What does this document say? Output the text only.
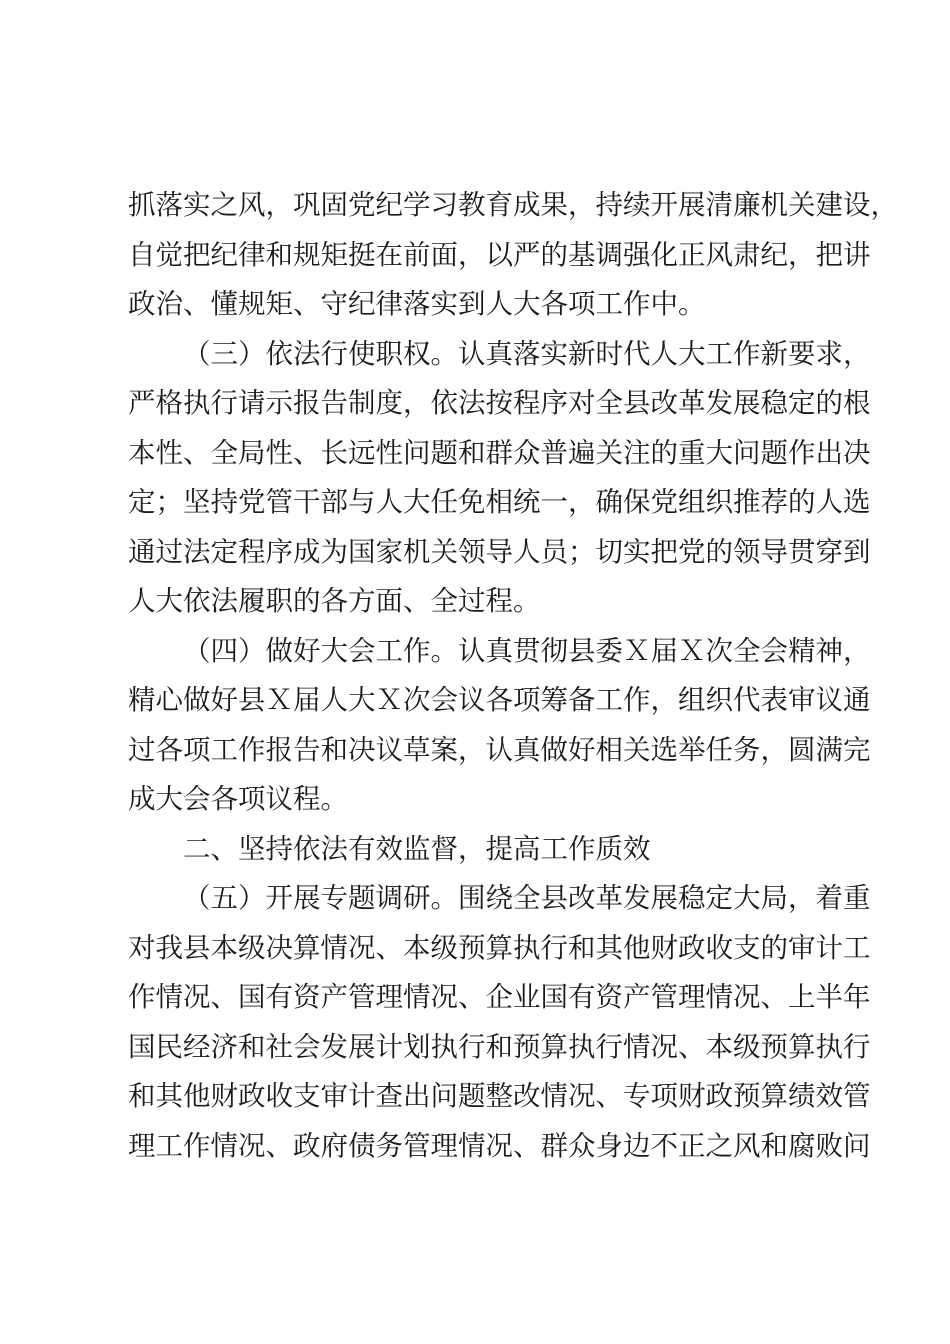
抓落实之风，巩固党纪学习教育成果，持续开展清廉机关建设，
自觉把纪律和规矩挺在前面，以严的基调强化正风肃纪，把讲
政治、懂规矩、守纪律落实到人大各项工作中。
（三）依法行使职权。认真落实新时代人大工作新要求，
严格执行请示报告制度，依法按程序对全县改革发展稳定的根
本性、全局性、长远性问题和群众普遍关注的重大问题作出决
定；坚持党管干部与人大任免相统一，确保党组织推荐的人选
通过法定程序成为国家机关领导人员；切实把党的领导贯穿到
人大依法履职的各方面、全过程。
（四）做好大会工作。认真贯彻县委Ｘ届Ｘ次全会精神，
精心做好县Ｘ届人大Ｘ次会议各项筹备工作，组织代表审议通
过各项工作报告和决议草案，认真做好相关选举任务，圆满完
成大会各项议程。
二、坚持依法有效监督，提高工作质效
（五）开展专题调研。围绕全县改革发展稳定大局，着重
对我县本级决算情况、本级预算执行和其他财政收支的审计工
作情况、国有资产管理情况、企业国有资产管理情况、上半年
国民经济和社会发展计划执行和预算执行情况、本级预算执行
和其他财政收支审计查出问题整改情况、专项财政预算绩效管
理工作情况、政府债务管理情况、群众身边不正之风和腐败问
